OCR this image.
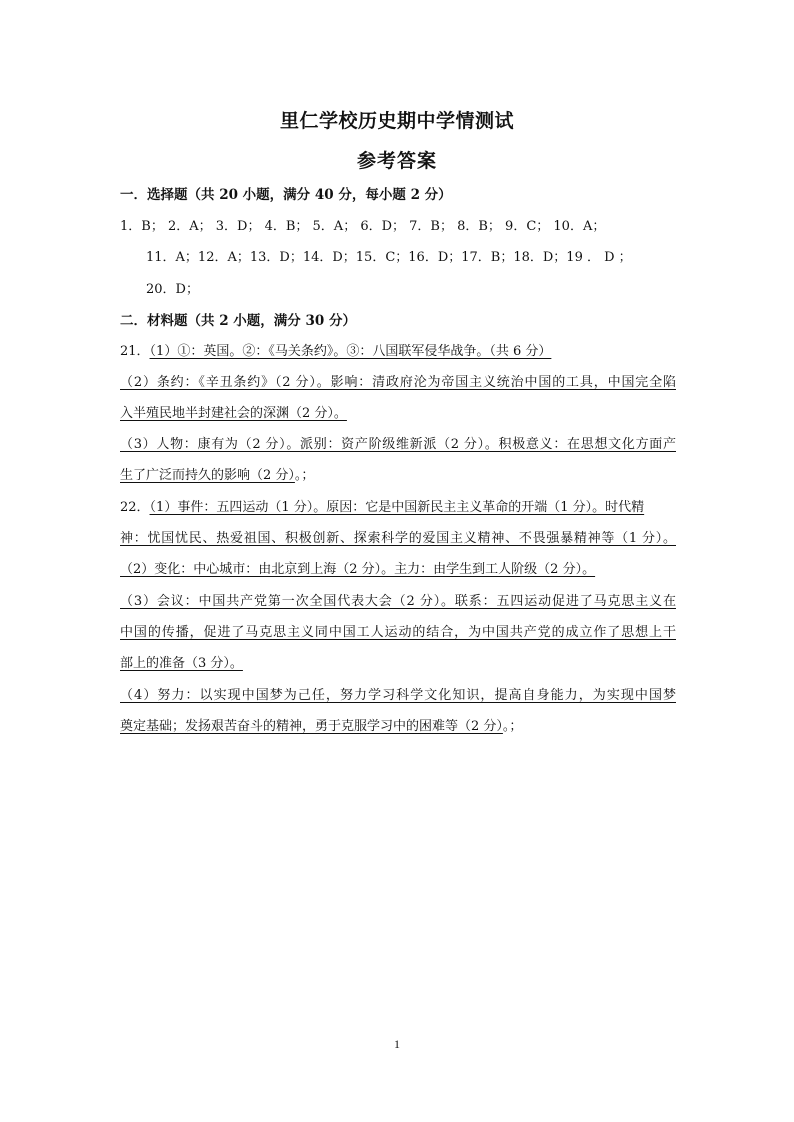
里仁学校历史期中学情测试
参考答案
一．选择题（共 20 小题，满分 40 分，每小题 2 分）
1．B； 2．A； 3．D； 4．B； 5．A； 6．D； 7．B； 8．B； 9．C； 10．A；
11．A；12．A；13．D；14．D；15．C；16．D；17．B；18．D；19 ． D ；
20．D；
二．材料题（共 2 小题，满分 30 分）
21．（1）①：英国。②：《马关条约》。③：八国联军侵华战争。（共 6 分）
（2）条约：《辛丑条约》（2 分）。影响：清政府沦为帝国主义统治中国的工具，中国完全陷
入半殖民地半封建社会的深渊（2 分）。
（3）人物：康有为（2 分）。派别：资产阶级维新派（2 分）。积极意义：在思想文化方面产
生了广泛而持久的影响（2 分）。；
22．（1）事件：五四运动（1 分）。原因：它是中国新民主主义革命的开端（1 分）。时代精
神：忧国忧民、热爱祖国、积极创新、探索科学的爱国主义精神、不畏强暴精神等（1 分）。
（2）变化：中心城市：由北京到上海（2 分）。主力：由学生到工人阶级（2 分）。
（3）会议：中国共产党第一次全国代表大会（2 分）。联系：五四运动促进了马克思主义在
中国的传播，促进了马克思主义同中国工人运动的结合，为中国共产党的成立作了思想上干
部上的准备（3 分）。
（4）努力：以实现中国梦为己任，努力学习科学文化知识，提高自身能力，为实现中国梦
奠定基础；发扬艰苦奋斗的精神，勇于克服学习中的困难等（2 分）。；
1
